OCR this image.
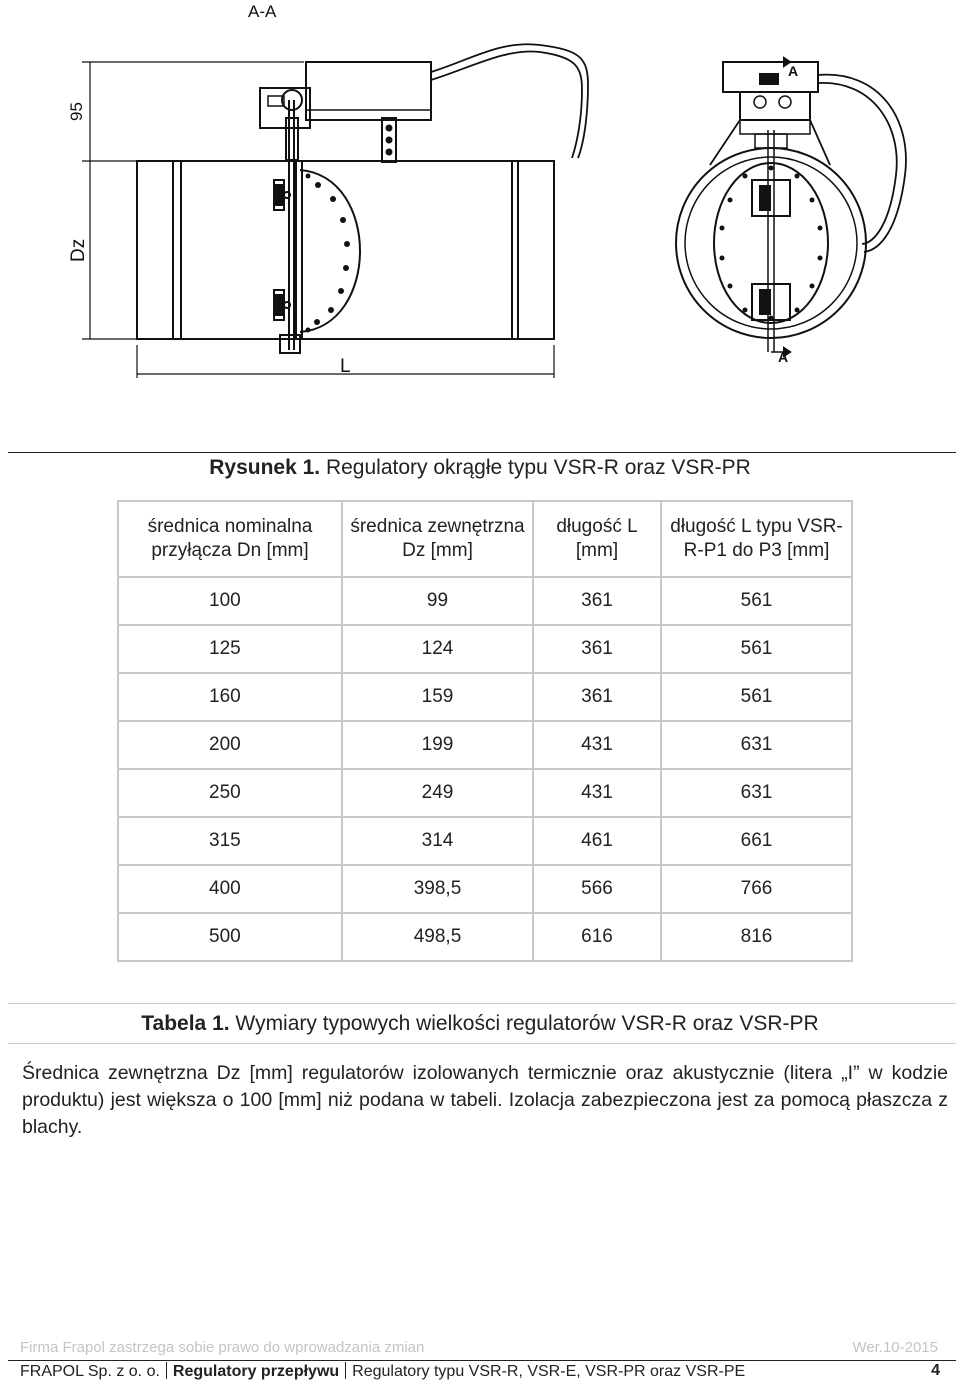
A-A
95
Dz
L
A
A
Rysunek 1. Regulatory okrągłe typu VSR-R oraz VSR-PR
średnica nominalna przyłącza Dn [mm]	średnica zewnętrzna Dz [mm]	długość L [mm]	długość L typu VSR-R-P1 do P3 [mm]
100	99	361	561
125	124	361	561
160	159	361	561
200	199	431	631
250	249	431	631
315	314	461	661
400	398,5	566	766
500	498,5	616	816
Tabela 1. Wymiary typowych wielkości regulatorów VSR-R oraz VSR-PR
Średnica zewnętrzna Dz [mm] regulatorów izolowanych termicznie oraz akustycznie (litera „I” w kodzie produktu) jest większa o 100 [mm] niż podana w tabeli. Izolacja zabezpieczona jest za pomocą płaszcza z blachy.
Firma Frapol zastrzega sobie prawo do wprowadzania zmian	Wer.10-2015
FRAPOL Sp. z o. o. Regulatory przepływu Regulatory typu VSR-R, VSR-E, VSR-PR oraz VSR-PE	4
